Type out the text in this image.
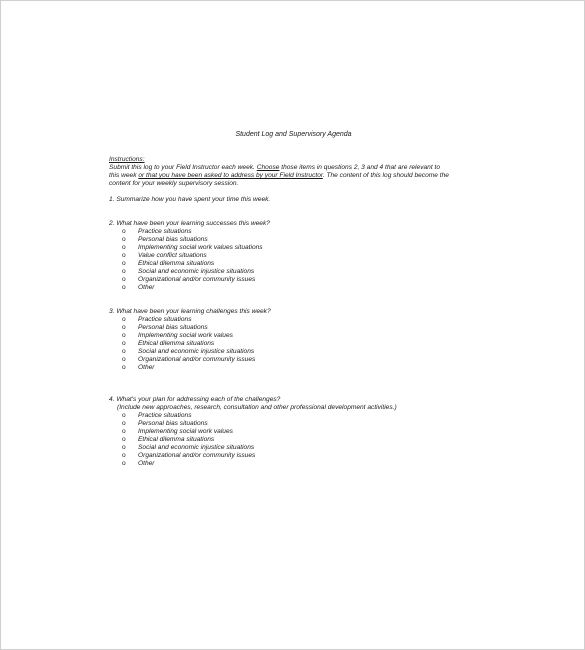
Student Log and Supervisory Agenda
Instructions:
Submit this log to your Field Instructor each week. Choose those items in questions 2, 3 and 4 that are relevant to
this week or that you have been asked to address by your Field Instructor. The content of this log should become the
content for your weekly supervisory session.
1. Summarize how you have spent your time this week.
2. What have been your learning successes this week?
o Practice situations
o Personal bias situations
o Implementing social work values situations
o Value conflict situations
o Ethical dilemma situations
o Social and economic injustice situations
o Organizational and/or community issues
o Other
3. What have been your learning challenges this week?
o Practice situations
o Personal bias situations
o Implementing social work values
o Ethical dilemma situations
o Social and economic injustice situations
o Organizational and/or community issues
o Other
4. What's your plan for addressing each of the challenges?
(Include new approaches, research, consultation and other professional development activities.)
o Practice situations
o Personal bias situations
o Implementing social work values
o Ethical dilemma situations
o Social and economic injustice situations
o Organizational and/or community issues
o Other
